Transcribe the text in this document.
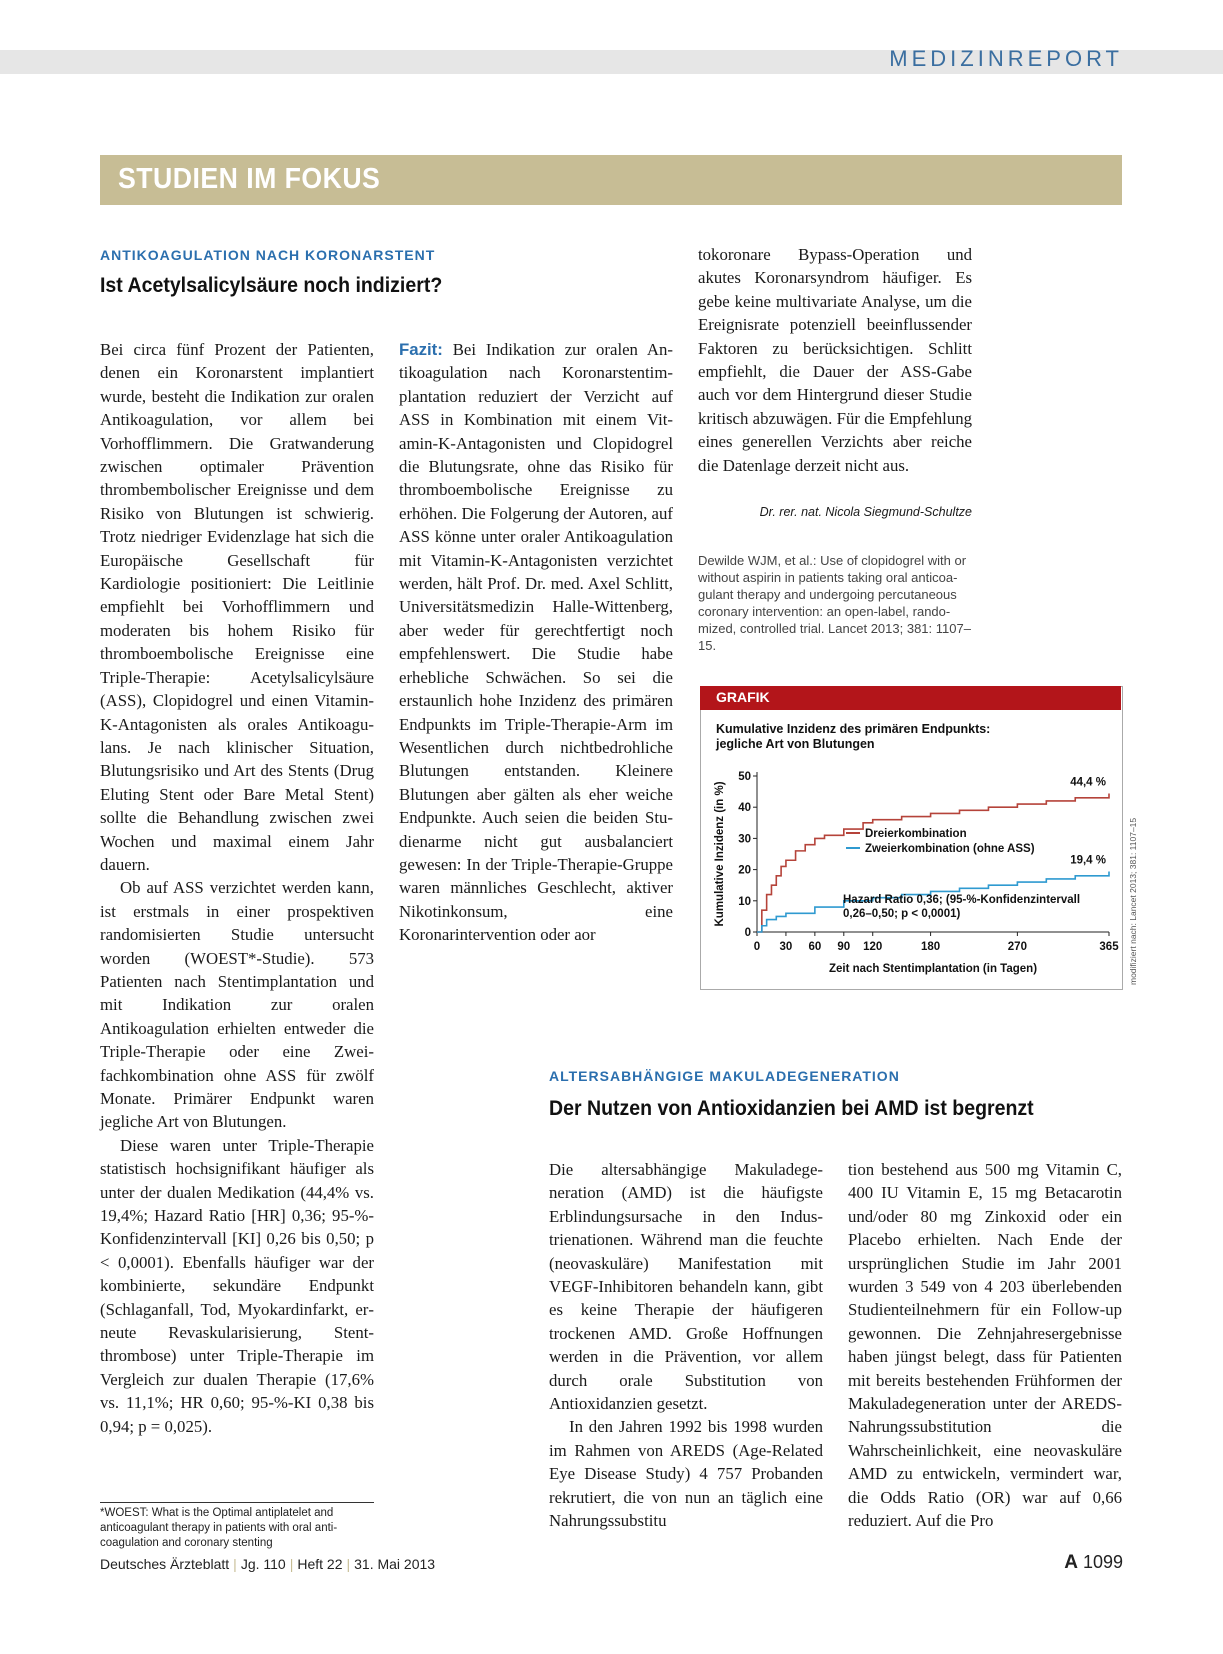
MEDIZINREPORT
STUDIEN IM FOKUS
ANTIKOAGULATION NACH KORONARSTENT
Ist Acetylsalicylsäure noch indiziert?

Bei circa fünf Prozent der Patienten, denen ein Koronarstent implantiert wurde, besteht die Indikation zur oralen Antikoagulation, vor allem bei Vorhofflimmern. Die Gratwanderung zwischen optimaler Prävention thrombembolischer Ereignisse und dem Risiko von Blutungen ist schwierig. Trotz niedriger Evidenzlage hat sich die Europäische Gesellschaft für Kardiologie positioniert: Die Leitlinie empfiehlt bei Vorhofflimmern und moderaten bis hohem Risiko für thromboembolische Ereignisse eine Triple-Therapie: Acetylsalicylsäure (ASS), Clopidogrel und einen Vitamin-K-Antagonisten als orales Antikoagulans. Je nach klinischer Situation, Blutungsrisiko und Art des Stents (Drug Eluting Stent oder Bare Metal Stent) sollte die Behandlung zwischen zwei Wochen und maximal einem Jahr dauern.

Ob auf ASS verzichtet werden kann, ist erstmals in einer prospektiven randomisierten Studie untersucht worden (WOEST*-Studie). 573 Patienten nach Stentimplantation und mit Indikation zur oralen Antikoagulation erhielten entweder die Triple-Therapie oder eine Zweifachkombination ohne ASS für zwölf Monate. Primärer Endpunkt waren jegliche Art von Blutungen.

Diese waren unter Triple-Therapie statistisch hochsignifikant häufiger als unter der dualen Medikation (44,4% vs. 19,4%; Hazard Ratio [HR] 0,36; 95-%-Konfidenzintervall [KI] 0,26 bis 0,50; p < 0,0001). Ebenfalls häufiger war der kombinierte, sekundäre Endpunkt (Schlaganfall, Tod, Myokardinfarkt, erneute Revaskularisierung, Stentthrombose) unter Triple-Therapie im Vergleich zur dualen Therapie (17,6% vs. 11,1%; HR 0,60; 95-%-KI 0,38 bis 0,94; p = 0,025).

Fazit: Bei Indikation zur oralen Antikoagulation nach Koronarstentimplantation reduziert der Verzicht auf ASS in Kombination mit einem Vitamin-K-Antagonisten und Clopidogrel die Blutungsrate, ohne das Risiko für thromboembolische Ereignisse zu erhöhen. Die Folgerung der Autoren, auf ASS könne unter oraler Antikoagulation mit Vitamin-K-Antagonisten verzichtet werden, hält Prof. Dr. med. Axel Schlitt, Universitätsmedizin Halle-Wittenberg, aber weder für gerechtfertigt noch empfehlenswert. Die Studie habe erhebliche Schwächen. So sei die erstaunlich hohe Inzidenz des primären Endpunkts im Triple-Therapie-Arm im Wesentlichen durch nichtbedrohliche Blutungen entstanden. Kleinere Blutungen aber gälten als eher weiche Endpunkte. Auch seien die beiden Studienarme nicht gut ausbalanciert gewesen: In der Triple-Therapie-Gruppe waren männliches Geschlecht, aktiver Nikotinkonsum, eine Koronarintervention oder aor

tokoronare Bypass-Operation und akutes Koronarsyndrom häufiger. Es gebe keine multivariate Analyse, um die Ereignisrate potenziell beeinflussender Faktoren zu berücksichtigen. Schlitt empfiehlt, die Dauer der ASS-Gabe auch vor dem Hintergrund dieser Studie kritisch abzuwägen. Für die Empfehlung eines generellen Verzichts aber reiche die Datenlage derzeit nicht aus.

Dr. rer. nat. Nicola Siegmund-Schultze
Dewilde WJM, et al.: Use of clopidogrel with or without aspirin in patients taking oral anticoagulant therapy and undergoing percutaneous coronary intervention: an open-label, randomized, controlled trial. Lancet 2013; 381: 1107–15.
GRAFIK
Kumulative Inzidenz des primären Endpunkts:
jegliche Art von Blutungen
0
10
20
30
40
50
0 30 60 90 120	180	270	365
Zeit nach Stentimplantation (in Tagen)
Kumulative Inzidenz (in %)	Dreierkombination
44,4 %
Zweierkombination (ohne ASS)
19,4 %
Hazard Ratio 0,36; (95-%-Konfidenzintervall
0,26–0,50; p < 0,0001)	modifiziert nach: Lancet 2013; 381: 1107–15
*WOEST: What is the Optimal antiplatelet and anticoagulant therapy in patients with oral anticoagulation and coronary stenting
ALTERSABHÄNGIGE MAKULADEGENERATION
Der Nutzen von Antioxidanzien bei AMD ist begrenzt

Die altersabhängige Makuladegeneration (AMD) ist die häufigste Erblindungsursache in den Industrienationen. Während man die feuchte (neovaskuläre) Manifestation mit VEGF-Inhibitoren behandeln kann, gibt es keine Therapie der häufigeren trockenen AMD. Große Hoffnungen werden in die Prävention, vor allem durch orale Substitution von Antioxidanzien gesetzt.

In den Jahren 1992 bis 1998 wurden im Rahmen von AREDS (Age-Related Eye Disease Study) 4 757 Probanden rekrutiert, die von nun an täglich eine Nahrungssubstitu

tion bestehend aus 500 mg Vitamin C, 400 IU Vitamin E, 15 mg Betacarotin und/oder 80 mg Zinkoxid oder ein Placebo erhielten. Nach Ende der ursprünglichen Studie im Jahr 2001 wurden 3 549 von 4 203 überlebenden Studienteilnehmern für ein Follow-up gewonnen. Die Zehnjahresergebnisse haben jüngst belegt, dass für Patienten mit bereits bestehenden Frühformen der Makuladegeneration unter der AREDS-Nahrungssubstitution die Wahrscheinlichkeit, eine neovaskuläre AMD zu entwickeln, vermindert war, die Odds Ratio (OR) war auf 0,66 reduziert. Auf die Pro

Deutsches Ärzteblatt | Jg. 110 | Heft 22 | 31. Mai 2013	A 1099
